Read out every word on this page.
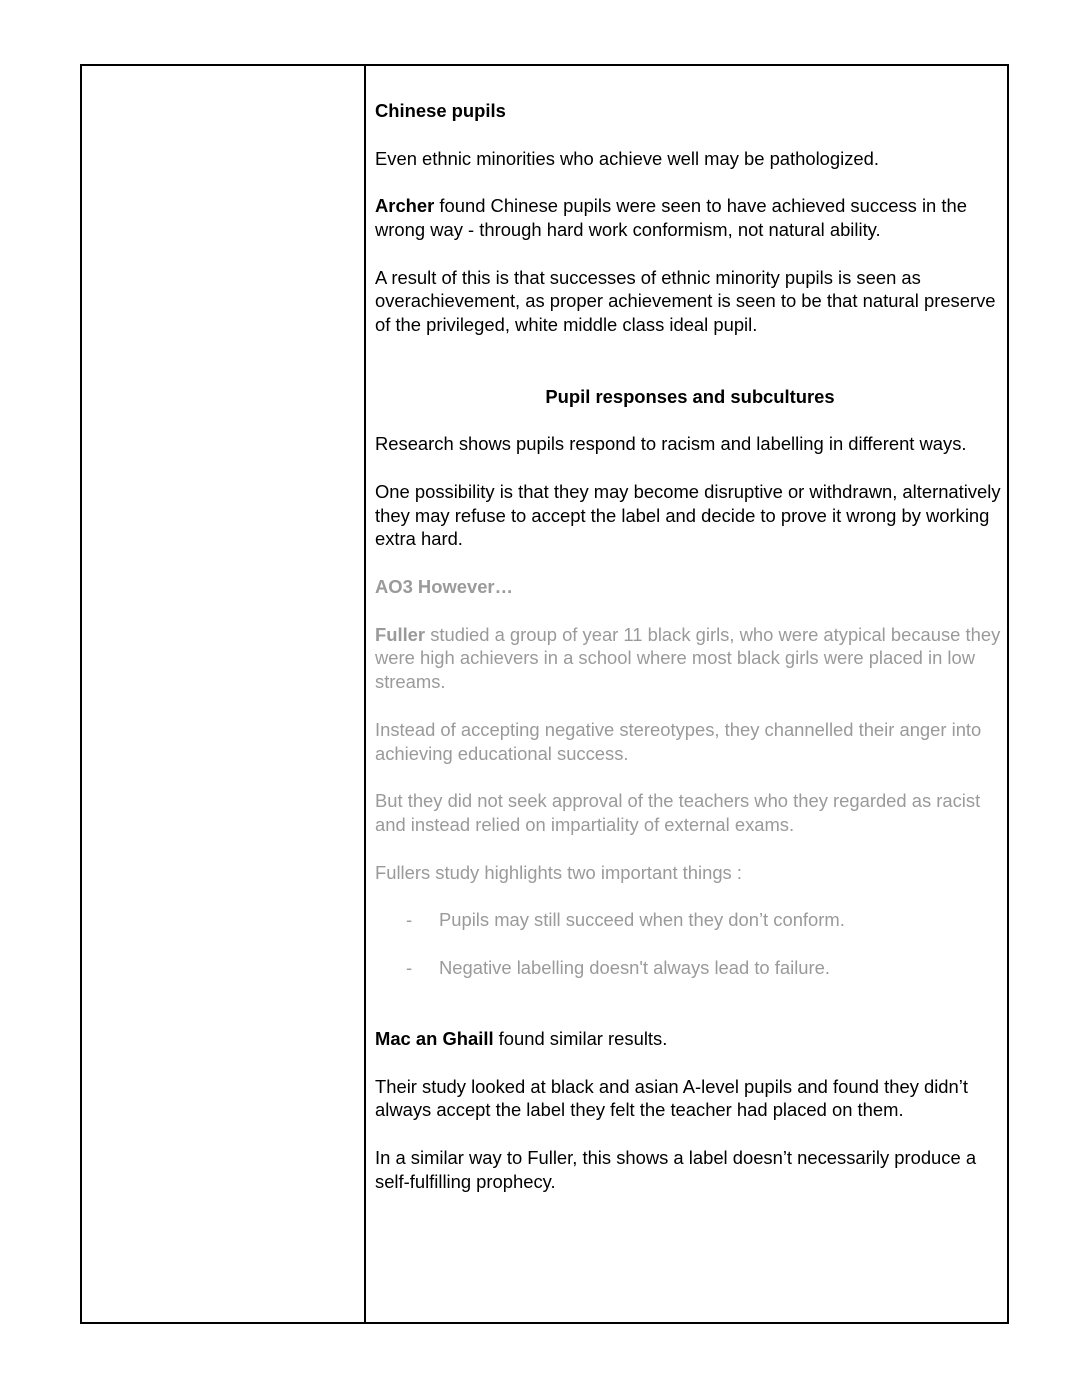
Chinese pupils

Even ethnic minorities who achieve well may be pathologized.

Archer found Chinese pupils were seen to have achieved success in the wrong way - through hard work conformism, not natural ability.

A result of this is that successes of ethnic minority pupils is seen as overachievement, as proper achievement is seen to be that natural preserve of the privileged, white middle class ideal pupil.

Pupil responses and subcultures

Research shows pupils respond to racism and labelling in different ways.

One possibility is that they may become disruptive or withdrawn, alternatively they may refuse to accept the label and decide to prove it wrong by working extra hard.

AO3 However…

Fuller studied a group of year 11 black girls, who were atypical because they were high achievers in a school where most black girls were placed in low streams.

Instead of accepting negative stereotypes, they channelled their anger into achieving educational success.

But they did not seek approval of the teachers who they regarded as racist and instead relied on impartiality of external exams.

Fullers study highlights two important things :

-	Pupils may still succeed when they don’t conform.
-	Negative labelling doesn't always lead to failure.

Mac an Ghaill found similar results.

Their study looked at black and asian A-level pupils and found they didn’t always accept the label they felt the teacher had placed on them.

In a similar way to Fuller, this shows a label doesn’t necessarily produce a self-fulfilling prophecy.
